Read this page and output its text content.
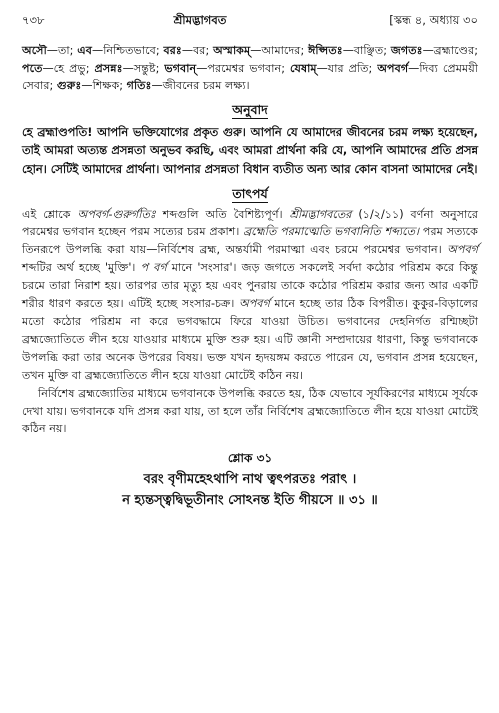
৭৩৮	শ্রীমদ্ভাগবত	[স্কন্ধ ৪, অধ্যায় ৩০
অসৌ—তা; এব—নিশ্চিতভাবে; বরঃ—বর; অস্মাকম্—আমাদের; ঈপ্সিতঃ—বাঞ্ছিত; জগতঃ—ব্রহ্মাণ্ডের; পতে—হে প্রভু; প্রসন্নঃ—সন্তুষ্ট; ভগবান্—পরমেশ্বর ভগবান; যেষাম্—যার প্রতি; অপবর্গ—দিব্য প্রেমময়ী সেবার; গুরুঃ—শিক্ষক; গতিঃ—জীবনের চরম লক্ষ্য।
অনুবাদ
হে ব্রহ্মাণ্ডপতি! আপনি ভক্তিযোগের প্রকৃত গুরু। আপনি যে আমাদের জীবনের চরম লক্ষ্য হয়েছেন, তাই আমরা অত্যন্ত প্রসন্নতা অনুভব করছি, এবং আমরা প্রার্থনা করি যে, আপনি আমাদের প্রতি প্রসন্ন হোন। সেটিই আমাদের প্রার্থনা। আপনার প্রসন্নতা বিধান ব্যতীত অন্য আর কোন বাসনা আমাদের নেই।
তাৎপর্য

এই শ্লোকে অপবর্গ-গুরুর্গতিঃ শব্দগুলি অতি বৈশিষ্ট্যপূর্ণ। শ্রীমদ্ভাগবতের (১/২/১১) বর্ণনা অনুসারে পরমেশ্বর ভগবান হচ্ছেন পরম সত্যের চরম প্রকাশ। ব্রহ্মেতি পরমাত্মেতি ভগবানিতি শব্দ্যতে। পরম সত্যকে তিনরূপে উপলব্ধি করা যায়—নির্বিশেষ ব্রহ্ম, অন্তর্যামী পরমাত্মা এবং চরমে পরমেশ্বর ভগবান। অপবর্গ শব্দটির অর্থ হচ্ছে 'মুক্তি'। প বর্গ মানে 'সংসার'। জড় জগতে সকলেই সর্বদা কঠোর পরিশ্রম করে কিন্তু চরমে তারা নিরাশ হয়। তারপর তার মৃত্যু হয় এবং পুনরায় তাকে কঠোর পরিশ্রম করার জন্য আর একটি শরীর ধারণ করতে হয়। এটিই হচ্ছে সংসার-চক্র। অপবর্গ মানে হচ্ছে তার ঠিক বিপরীত। কুকুর-বিড়ালের মতো কঠোর পরিশ্রম না করে ভগবদ্ধামে ফিরে যাওয়া উচিত। ভগবানের দেহনির্গত রশ্মিচ্ছটা ব্রহ্মজ্যোতিতে লীন হয়ে যাওয়ার মাধ্যমে মুক্তি শুরু হয়। এটি জ্ঞানী সম্প্রদায়ের ধারণা, কিন্তু ভগবানকে উপলব্ধি করা তার অনেক উপরের বিষয়। ভক্ত যখন হৃদয়ঙ্গম করতে পারেন যে, ভগবান প্রসন্ন হয়েছেন, তখন মুক্তি বা ব্রহ্মজ্যোতিতে লীন হয়ে যাওয়া মোটেই কঠিন নয়।

নির্বিশেষ ব্রহ্মজ্যোতির মাধ্যমে ভগবানকে উপলব্ধি করতে হয়, ঠিক যেভাবে সূর্যকিরণের মাধ্যমে সূর্যকে দেখা যায়। ভগবানকে যদি প্রসন্ন করা যায়, তা হলে তাঁর নির্বিশেষ ব্রহ্মজ্যোতিতে লীন হয়ে যাওয়া মোটেই কঠিন নয়।

শ্লোক ৩১
বরং বৃণীমহেঽথাপি নাথ ত্বৎপরতঃ পরাৎ ।
ন হ্যন্তস্ত্বদ্বিভূতীনাং সোঽনন্ত ইতি গীয়সে ॥ ৩১ ॥
